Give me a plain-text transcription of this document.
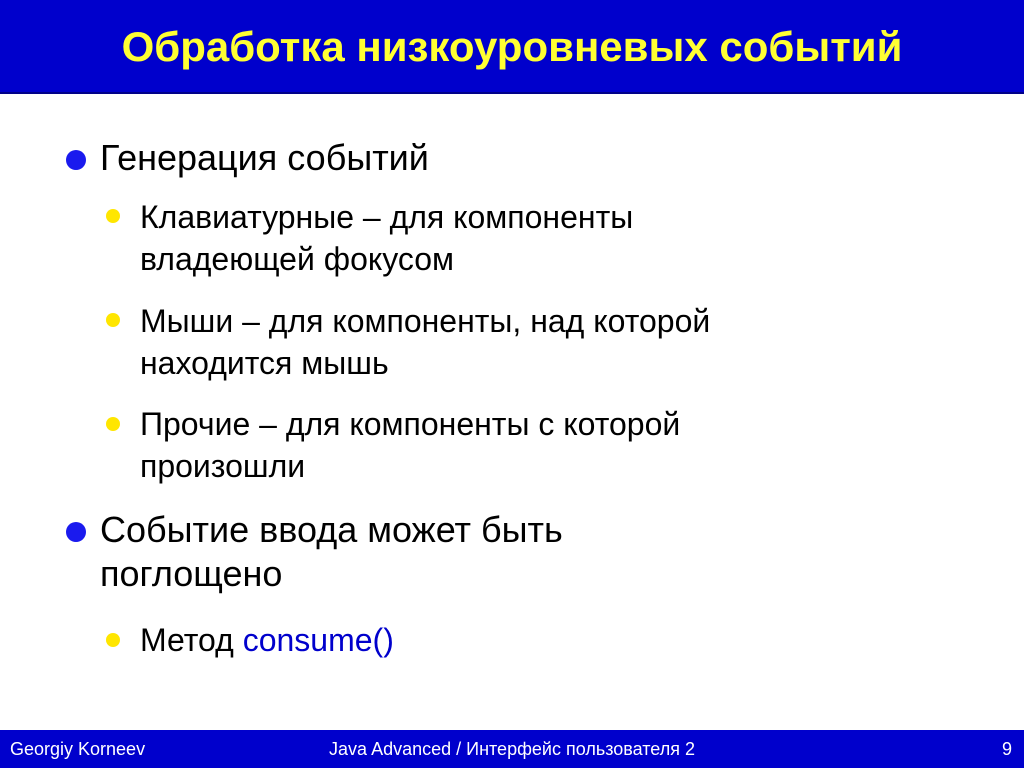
Обработка низкоуровневых событий
Генерация событий
Клавиатурные – для компоненты
владеющей фокусом
Мыши – для компоненты, над которой
находится мышь
Прочие – для компоненты с которой
произошли
Событие ввода может быть
поглощено
Метод consume()
Georgiy Korneev	Java Advanced / Интерфейс пользователя 2	9
